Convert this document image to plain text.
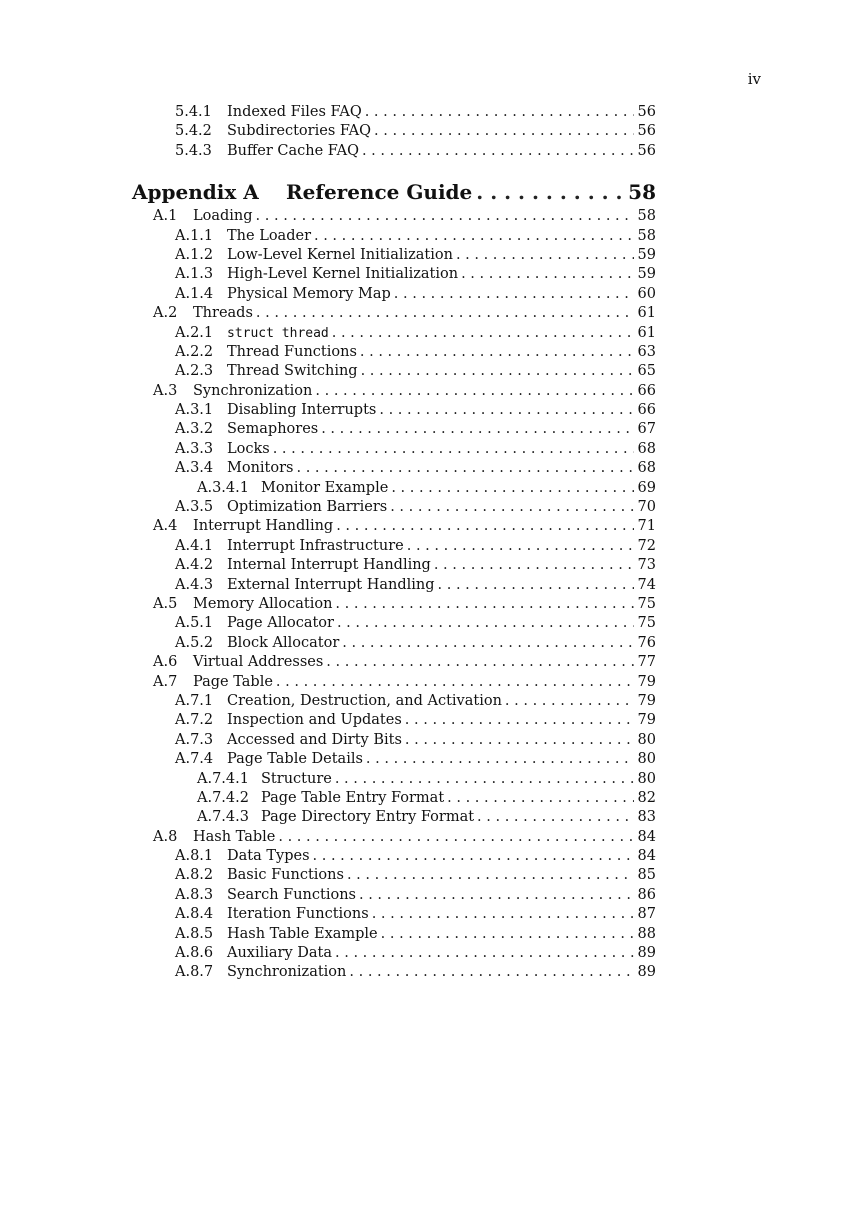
iv
5.4.1	Indexed Files FAQ . . .	56
5.4.2	Subdirectories FAQ . . .	56
5.4.3	Buffer Cache FAQ . . .	56
Appendix A	Reference Guide . . .	58
A.1	Loading . . .	58
A.1.1 The Loader . . .	58
A.1.2 Low-Level Kernel Initialization . . .	59
A.1.3 High-Level Kernel Initialization . . .	59
A.1.4 Physical Memory Map . . .	60
A.2	Threads . . .	61
A.2.1	struct thread . . .	61
A.2.2 Thread Functions . . .	63
A.2.3 Thread Switching . . .	65
A.3	Synchronization . . .	66
A.3.1 Disabling Interrupts . . .	66
A.3.2 Semaphores . . .	67
A.3.3 Locks . . .	68
A.3.4 Monitors . . .	68
A.3.4.1 Monitor Example . . .	69
A.3.5 Optimization Barriers . . .	70
A.4	Interrupt Handling . . .	71
A.4.1 Interrupt Infrastructure . . .	72
A.4.2 Internal Interrupt Handling . . .	73
A.4.3 External Interrupt Handling . . .	74
A.5	Memory Allocation . . .	75
A.5.1 Page Allocator . . .	75
A.5.2 Block Allocator . . .	76
A.6	Virtual Addresses . . .	77
A.7	Page Table . . .	79
A.7.1 Creation, Destruction, and Activation . . .	79
A.7.2 Inspection and Updates . . .	79
A.7.3 Accessed and Dirty Bits . . .	80
A.7.4 Page Table Details . . .	80
A.7.4.1 Structure . . .	80
A.7.4.2 Page Table Entry Format . . .	82
A.7.4.3 Page Directory Entry Format . . .	83
A.8	Hash Table . . .	84
A.8.1 Data Types . . .	84
A.8.2 Basic Functions . . .	85
A.8.3 Search Functions . . .	86
A.8.4 Iteration Functions . . .	87
A.8.5 Hash Table Example . . .	88
A.8.6 Auxiliary Data . . .	89
A.8.7 Synchronization . . .	89
